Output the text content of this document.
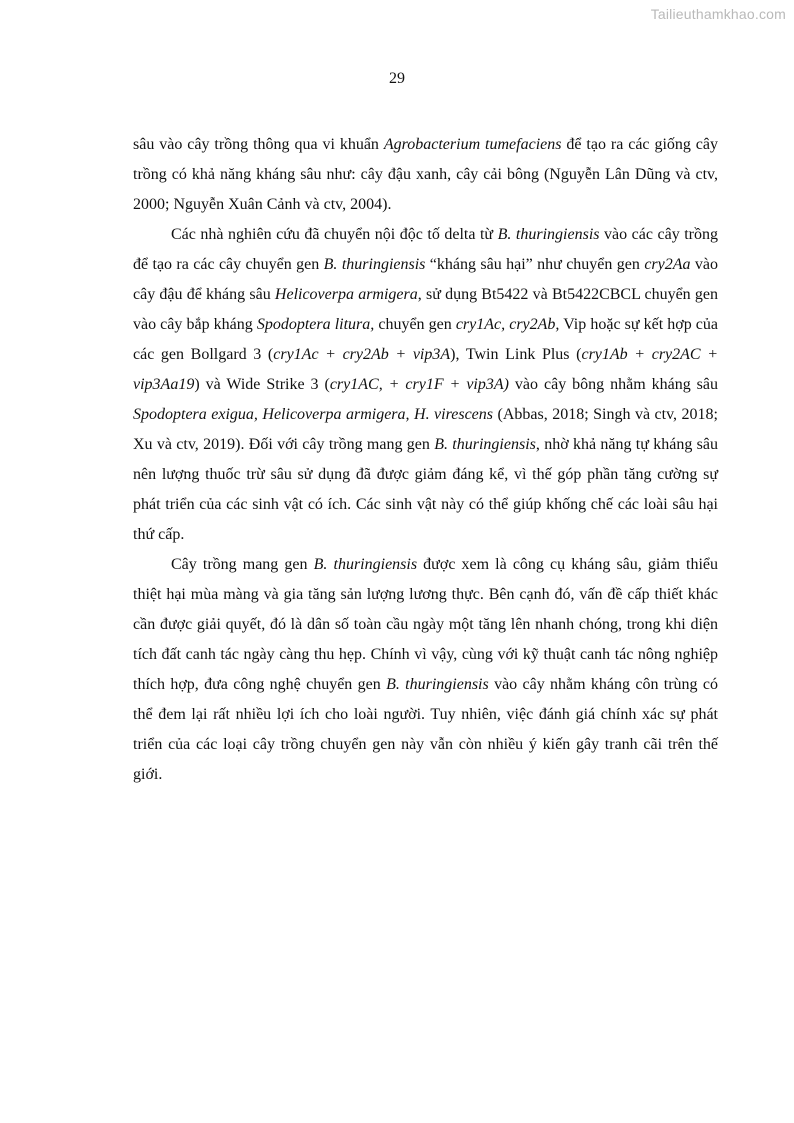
Tailieuthamkhao.com
29

sâu vào cây trồng thông qua vi khuẩn Agrobacterium tumefaciens để tạo ra các giống cây trồng có khả năng kháng sâu như: cây đậu xanh, cây cải bông (Nguyễn Lân Dũng và ctv, 2000; Nguyễn Xuân Cảnh và ctv, 2004).

Các nhà nghiên cứu đã chuyển nội độc tố delta từ B. thuringiensis vào các cây trồng để tạo ra các cây chuyển gen B. thuringiensis “kháng sâu hại” như chuyển gen cry2Aa vào cây đậu để kháng sâu Helicoverpa armigera, sử dụng Bt5422 và Bt5422CBCL chuyển gen vào cây bắp kháng Spodoptera litura, chuyển gen cry1Ac, cry2Ab, Vip hoặc sự kết hợp của các gen Bollgard 3 (cry1Ac + cry2Ab + vip3A), Twin Link Plus (cry1Ab + cry2AC + vip3Aa19) và Wide Strike 3 (cry1AC, + cry1F + vip3A) vào cây bông nhằm kháng sâu Spodoptera exigua, Helicoverpa armigera, H. virescens (Abbas, 2018; Singh và ctv, 2018; Xu và ctv, 2019). Đối với cây trồng mang gen B. thuringiensis, nhờ khả năng tự kháng sâu nên lượng thuốc trừ sâu sử dụng đã được giảm đáng kể, vì thế góp phần tăng cường sự phát triển của các sinh vật có ích. Các sinh vật này có thể giúp khống chế các loài sâu hại thứ cấp.

Cây trồng mang gen B. thuringiensis được xem là công cụ kháng sâu, giảm thiểu thiệt hại mùa màng và gia tăng sản lượng lương thực. Bên cạnh đó, vấn đề cấp thiết khác cần được giải quyết, đó là dân số toàn cầu ngày một tăng lên nhanh chóng, trong khi diện tích đất canh tác ngày càng thu hẹp. Chính vì vậy, cùng với kỹ thuật canh tác nông nghiệp thích hợp, đưa công nghệ chuyển gen B. thuringiensis vào cây nhằm kháng côn trùng có thể đem lại rất nhiều lợi ích cho loài người. Tuy nhiên, việc đánh giá chính xác sự phát triển của các loại cây trồng chuyển gen này vẫn còn nhiều ý kiến gây tranh cãi trên thế giới.
